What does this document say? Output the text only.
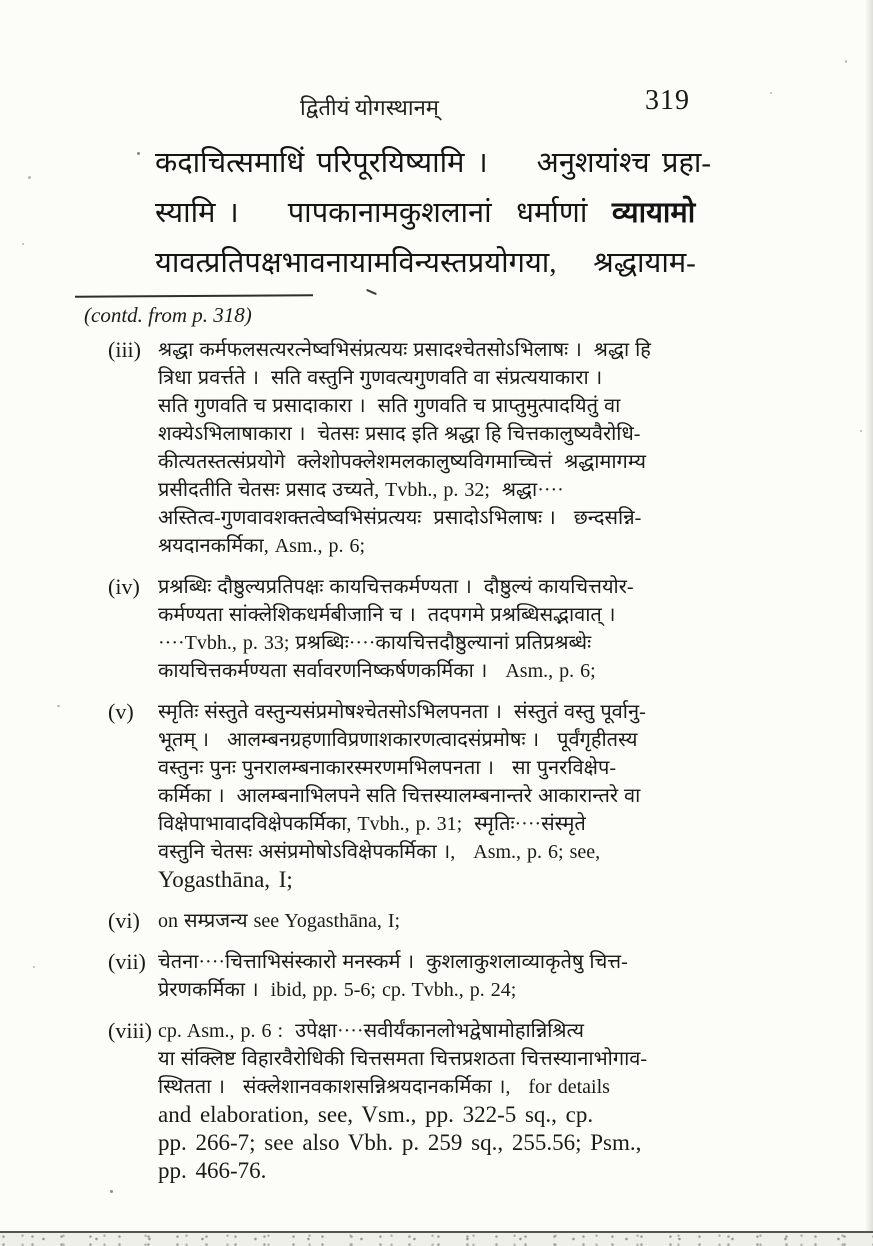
द्वितीयं योगस्थानम्	319
कदाचित्समाधिं परिपूरयिष्यामि ।    अनुशयांश्च प्रहा-
स्यामि ।    पापकानामकुशलानां  धर्माणां  व्यायामो
यावत्प्रतिपक्षभावनायामविन्यस्तप्रयोगया,   श्रद्धायाम-
(contd. from p. 318)
(iii) श्रद्धा कर्मफलसत्यरत्नेष्वभिसंप्रत्ययः प्रसादश्चेतसोऽभिलाषः ।  श्रद्धा हि
त्रिधा प्रवर्त्तते ।  सति वस्तुनि गुणवत्यगुणवति वा संप्रत्ययाकारा ।
सति गुणवति च प्रसादाकारा ।  सति गुणवति च प्राप्तुमुत्पादयितुं वा
शक्येऽभिलाषाकारा ।  चेतसः प्रसाद इति श्रद्धा हि चित्तकालुष्यवैरोधि-
कीत्यतस्तत्संप्रयोगे  क्लेशोपक्लेशमलकालुष्यविगमाच्चित्तं  श्रद्धामागम्य
प्रसीदतीति चेतसः प्रसाद उच्यते, Tvbh., p. 32;  श्रद्धा····
अस्तित्व-गुणवावशक्तत्वेष्वभिसंप्रत्ययः  प्रसादोऽभिलाषः ।   छन्दसन्नि-
श्रयदानकर्मिका, Asm., p. 6;
(iv) प्रश्रब्धिः दौष्ठुल्यप्रतिपक्षः कायचित्तकर्मण्यता ।  दौष्ठुल्यं कायचित्तयोर-
कर्मण्यता सांक्लेशिकधर्मबीजानि च ।  तदपगमे प्रश्रब्धिसद्भावात् ।
····Tvbh., p. 33; प्रश्रब्धिः····कायचित्तदौष्ठुल्यानां प्रतिप्रश्रब्धेः
कायचित्तकर्मण्यता सर्वावरणनिष्कर्षणकर्मिका ।   Asm., p. 6;
(v)	स्मृतिः संस्तुते वस्तुन्यसंप्रमोषश्चेतसोऽभिलपनता ।  संस्तुतं वस्तु पूर्वानु-
भूतम् ।   आलम्बनग्रहणाविप्रणाशकारणत्वादसंप्रमोषः ।   पूर्वंगृहीतस्य
वस्तुनः पुनः पुनरालम्बनाकारस्मरणमभिलपनता ।   सा पुनरविक्षेप-
कर्मिका ।  आलम्बनाभिलपने सति चित्तस्यालम्बनान्तरे आकारान्तरे वा
विक्षेपाभावादविक्षेपकर्मिका, Tvbh., p. 31;  स्मृतिः····संस्मृते
वस्तुनि चेतसः असंप्रमोषोऽविक्षेपकर्मिका ।,   Asm., p. 6; see,
Yogasthāna, I;
(vi) on सम्प्रजन्य see Yogasthāna, I;
(vii) चेतना····चित्ताभिसंस्कारो मनस्कर्म ।  कुशलाकुशलाव्याकृतेषु चित्त-
प्रेरणकर्मिका ।  ibid, pp. 5-6; cp. Tvbh., p. 24;
(viii) cp. Asm., p. 6 :  उपेक्षा····सवीर्यंकानलोभद्वेषामोहान्निश्रित्य
या संक्लिष्ट विहारवैरोधिकी चित्तसमता चित्तप्रशठता चित्तस्यानाभोगाव-
स्थितता ।   संक्लेशानवकाशसन्निश्रयदानकर्मिका ।,   for details
and elaboration, see, Vsm., pp. 322-5 sq., cp.
pp. 266-7; see also Vbh. p. 259 sq., 255.56; Psm.,
pp. 466-76.
